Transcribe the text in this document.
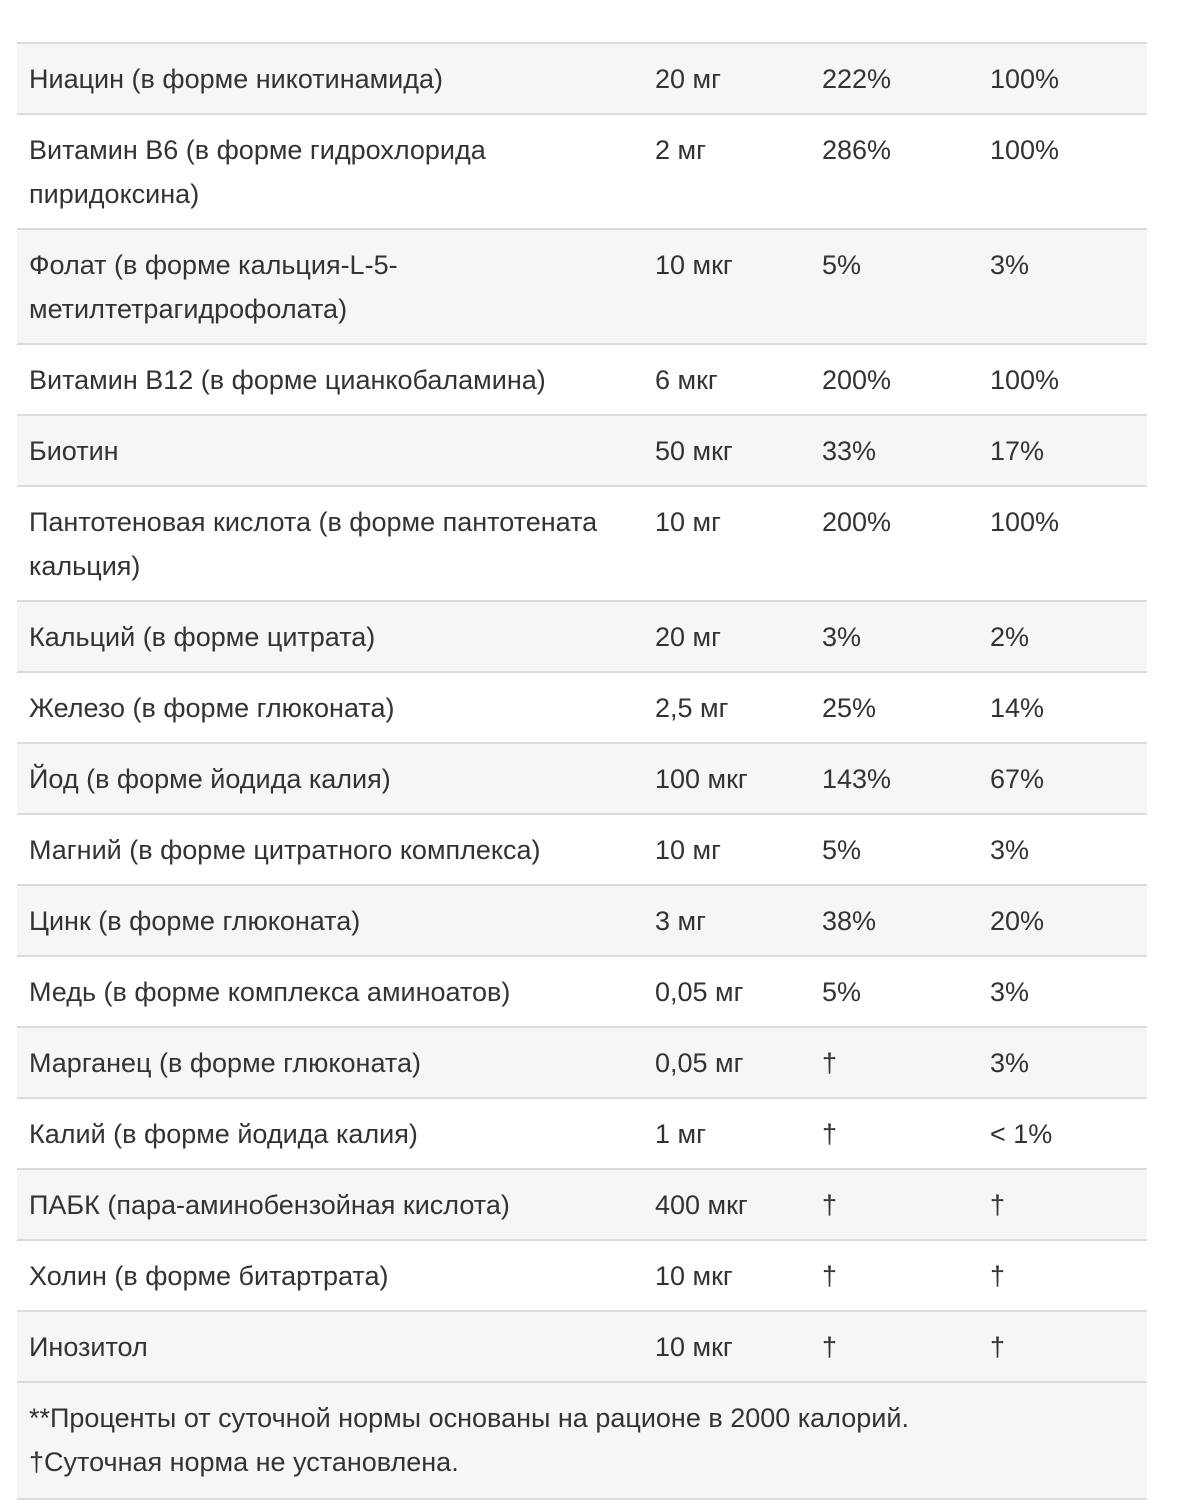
Ниацин (в форме никотинамида)	20 мг	222%	100%
Витамин B6 (в форме гидрохлорида пиридоксина)	2 мг	286%	100%
Фолат (в форме кальция-L-5-метилтетрагидрофолата)	10 мкг	5%	3%
Витамин B12 (в форме цианкобаламина)	6 мкг	200%	100%
Биотин	50 мкг	33%	17%
Пантотеновая кислота (в форме пантотената кальция)	10 мг	200%	100%
Кальций (в форме цитрата)	20 мг	3%	2%
Железо (в форме глюконата)	2,5 мг	25%	14%
Йод (в форме йодида калия)	100 мкг	143%	67%
Магний (в форме цитратного комплекса)	10 мг	5%	3%
Цинк (в форме глюконата)	3 мг	38%	20%
Медь (в форме комплекса аминоатов)	0,05 мг	5%	3%
Марганец (в форме глюконата)	0,05 мг	†	3%
Калий (в форме йодида калия)	1 мг	†	< 1%
ПАБК (пара-аминобензойная кислота)	400 мкг	†	†
Холин (в форме битартрата)	10 мкг	†	†
Инозитол	10 мкг	†	†
**Проценты от суточной нормы основаны на рационе в 2000 калорий.
†Суточная норма не установлена.
